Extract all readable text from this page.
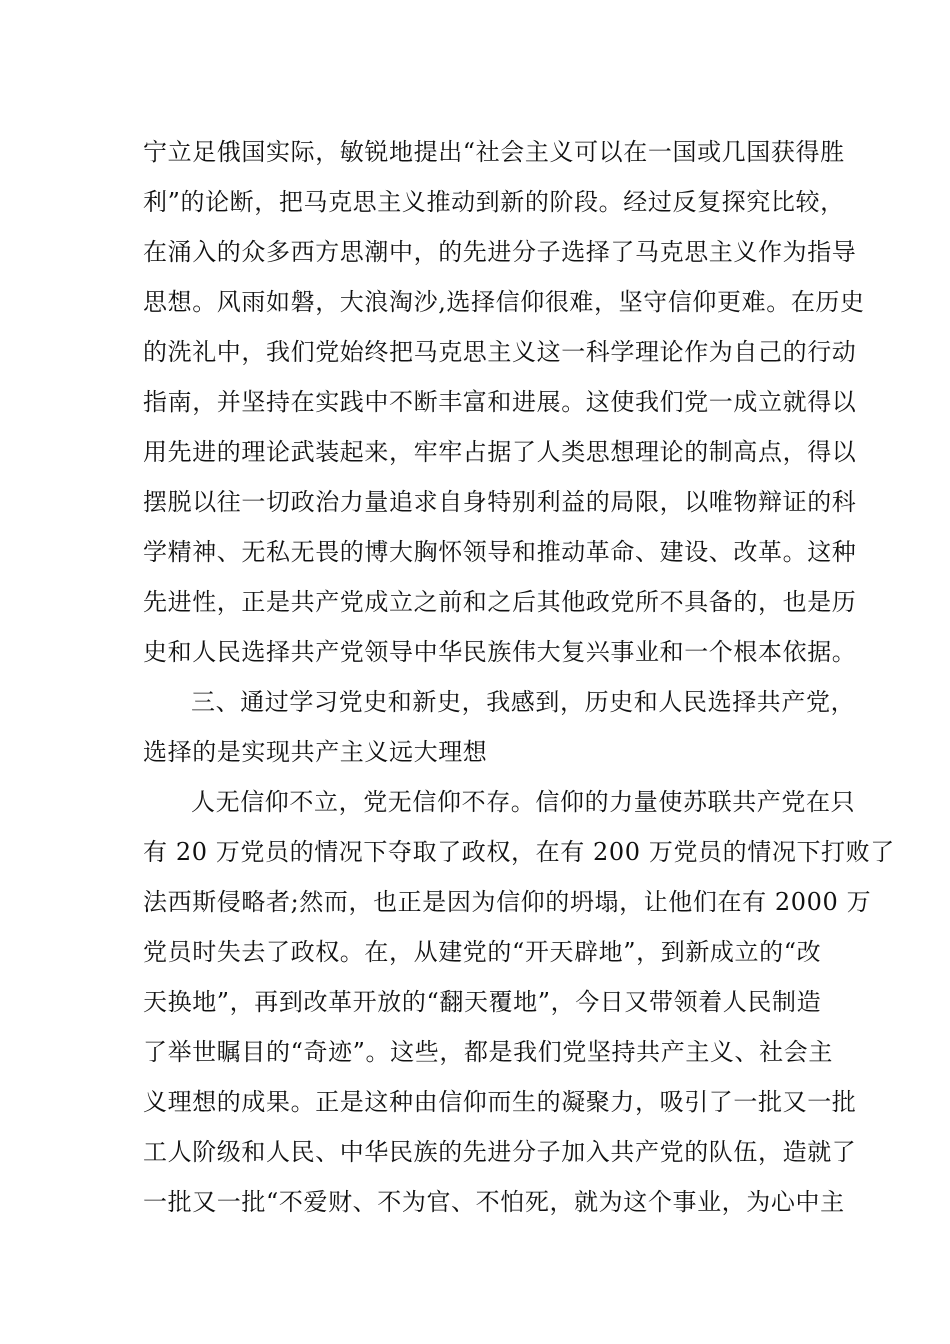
宁立足俄国实际，敏锐地提出“社会主义可以在一国或几国获得胜
利”的论断，把马克思主义推动到新的阶段。经过反复探究比较，
在涌入的众多西方思潮中，的先进分子选择了马克思主义作为指导
思想。风雨如磐，大浪淘沙,选择信仰很难，坚守信仰更难。在历史
的洗礼中，我们党始终把马克思主义这一科学理论作为自己的行动
指南，并坚持在实践中不断丰富和进展。这使我们党一成立就得以
用先进的理论武装起来，牢牢占据了人类思想理论的制高点，得以
摆脱以往一切政治力量追求自身特别利益的局限，以唯物辩证的科
学精神、无私无畏的博大胸怀领导和推动革命、建设、改革。这种
先进性，正是共产党成立之前和之后其他政党所不具备的，也是历
史和人民选择共产党领导中华民族伟大复兴事业和一个根本依据。
三、通过学习党史和新史，我感到，历史和人民选择共产党，
选择的是实现共产主义远大理想
人无信仰不立，党无信仰不存。信仰的力量使苏联共产党在只
有 20 万党员的情况下夺取了政权，在有 200 万党员的情况下打败了
法西斯侵略者;然而，也正是因为信仰的坍塌，让他们在有 2000 万
党员时失去了政权。在，从建党的“开天辟地”，到新成立的“改
天换地”，再到改革开放的“翻天覆地”，今日又带领着人民制造
了举世瞩目的“奇迹”。这些，都是我们党坚持共产主义、社会主
义理想的成果。正是这种由信仰而生的凝聚力，吸引了一批又一批
工人阶级和人民、中华民族的先进分子加入共产党的队伍，造就了
一批又一批“不爱财、不为官、不怕死，就为这个事业，为心中主
